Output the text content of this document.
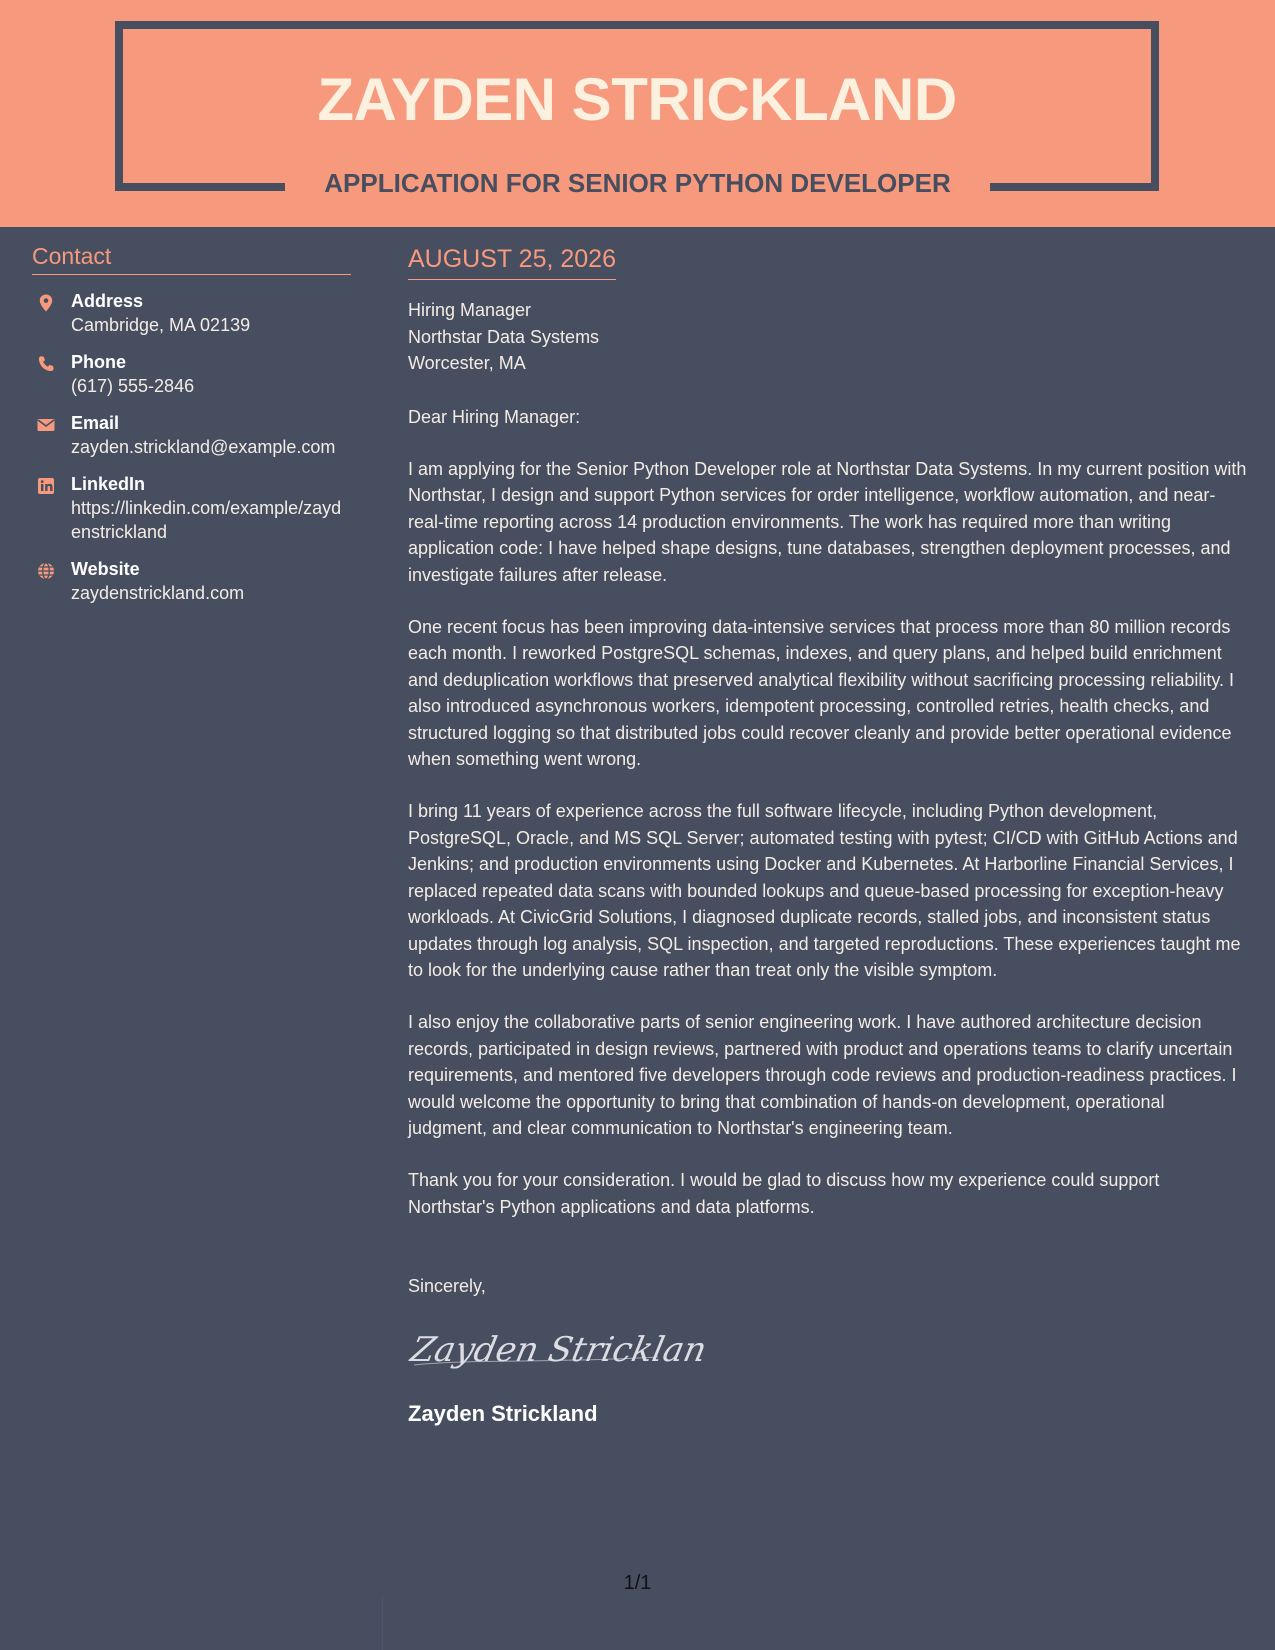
ZAYDEN STRICKLAND
APPLICATION FOR SENIOR PYTHON DEVELOPER
Contact
Address
Cambridge, MA 02139
Phone
(617) 555-2846
Email
zayden.strickland@example.com
LinkedIn
https://linkedin.com/example/zaydenstrickland
Website
zaydenstrickland.com
AUGUST 25, 2026
Hiring Manager
Northstar Data Systems
Worcester, MA
Dear Hiring Manager:
I am applying for the Senior Python Developer role at Northstar Data Systems. In my current position with Northstar, I design and support Python services for order intelligence, workflow automation, and near-real-time reporting across 14 production environments. The work has required more than writing application code: I have helped shape designs, tune databases, strengthen deployment processes, and investigate failures after release.
One recent focus has been improving data-intensive services that process more than 80 million records each month. I reworked PostgreSQL schemas, indexes, and query plans, and helped build enrichment and deduplication workflows that preserved analytical flexibility without sacrificing processing reliability. I also introduced asynchronous workers, idempotent processing, controlled retries, health checks, and structured logging so that distributed jobs could recover cleanly and provide better operational evidence when something went wrong.
I bring 11 years of experience across the full software lifecycle, including Python development, PostgreSQL, Oracle, and MS SQL Server; automated testing with pytest; CI/CD with GitHub Actions and Jenkins; and production environments using Docker and Kubernetes. At Harborline Financial Services, I replaced repeated data scans with bounded lookups and queue-based processing for exception-heavy workloads. At CivicGrid Solutions, I diagnosed duplicate records, stalled jobs, and inconsistent status updates through log analysis, SQL inspection, and targeted reproductions. These experiences taught me to look for the underlying cause rather than treat only the visible symptom.
I also enjoy the collaborative parts of senior engineering work. I have authored architecture decision records, participated in design reviews, partnered with product and operations teams to clarify uncertain requirements, and mentored five developers through code reviews and production-readiness practices. I would welcome the opportunity to bring that combination of hands-on development, operational judgment, and clear communication to Northstar's engineering team.
Thank you for your consideration. I would be glad to discuss how my experience could support Northstar's Python applications and data platforms.
Sincerely,
Zayden Stricklan
Zayden Strickland
1/1
